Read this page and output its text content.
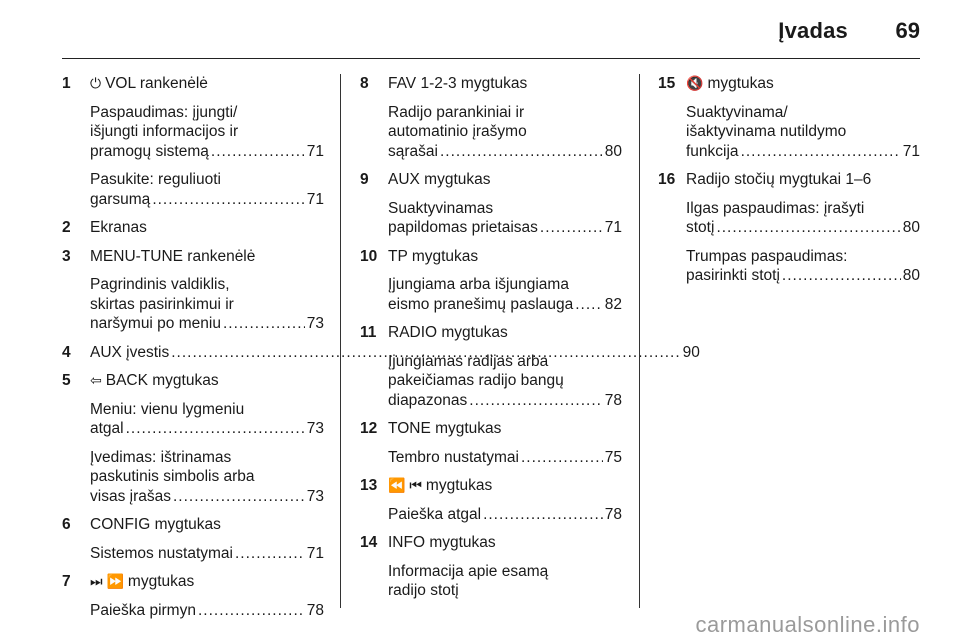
Įvadas 69
1	⏻ VOL rankenėlė
Paspaudimas: įjungti/
išjungti informacijos ir
pramogų sistemą .....	71
Pasukite: reguliuoti
garsumą .....	71
2	Ekranas
3	MENU-TUNE rankenėlė
Pagrindinis valdiklis,
skirtas pasirinkimui ir
naršymui po meniu .....	73
4	AUX įvestis .....	90
5	⇦ BACK mygtukas
Meniu: vienu lygmeniu
atgal .....	73
Įvedimas: ištrinamas
paskutinis simbolis arba
visas įrašas .....	73
6	CONFIG mygtukas
Sistemos nustatymai .....	71
7	⏭ ⏩ mygtukas
Paieška pirmyn .....	78
8	FAV 1-2-3 mygtukas
Radijo parankiniai ir
automatinio įrašymo
sąrašai .....	80
9	AUX mygtukas
Suaktyvinamas
papildomas prietaisas .....	71
10 TP mygtukas
Įjungiama arba išjungiama
eismo pranešimų paslauga ..... 82
11 RADIO mygtukas
Įjungiamas radijas arba
pakeičiamas radijo bangų
diapazonas .....	78
12 TONE mygtukas
Tembro nustatymai .....	75
13 ⏪ ⏮ mygtukas
Paieška atgal .....	78
14 INFO mygtukas
Informacija apie esamą
radijo stotį
15 🔇 mygtukas
Suaktyvinama/
išaktyvinama nutildymo
funkcija .....	71
16 Radijo stočių mygtukai 1–6
Ilgas paspaudimas: įrašyti
stotį .....	80
Trumpas paspaudimas:
pasirinkti stotį .....	80
carmanualsonline.info
